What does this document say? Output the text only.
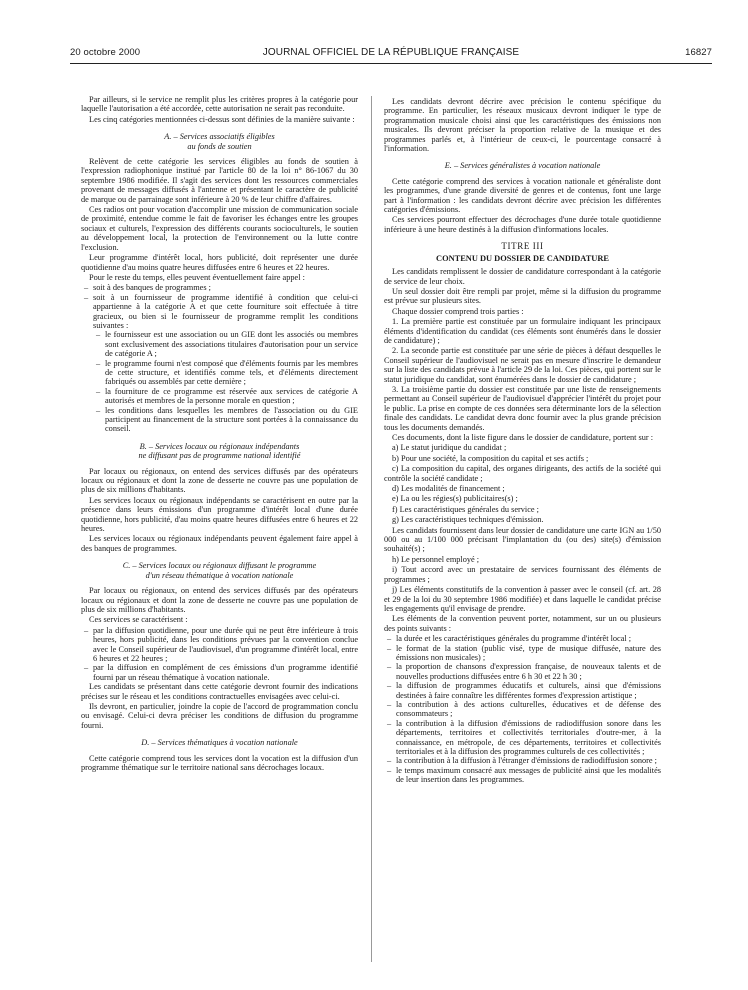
20 octobre 2000	JOURNAL OFFICIEL DE LA RÉPUBLIQUE FRANÇAISE	16827

Par ailleurs, si le service ne remplit plus les critères propres à la catégorie pour laquelle l'autorisation a été accordée, cette autorisation ne serait pas reconduite.

Les cinq catégories mentionnées ci-dessus sont définies de la manière suivante :

A. – Services associatifs éligibles
au fonds de soutien

Relèvent de cette catégorie les services éligibles au fonds de soutien à l'expression radiophonique institué par l'article 80 de la loi n° 86-1067 du 30 septembre 1986 modifiée. Il s'agit des services dont les ressources commerciales provenant de messages diffusés à l'antenne et présentant le caractère de publicité de marque ou de parrainage sont inférieure à 20 % de leur chiffre d'affaires.

Ces radios ont pour vocation d'accomplir une mission de communication sociale de proximité, entendue comme le fait de favoriser les échanges entre les groupes sociaux et culturels, l'expression des différents courants socioculturels, le soutien au développement local, la protection de l'environnement ou la lutte contre l'exclusion.

Leur programme d'intérêt local, hors publicité, doit représenter une durée quotidienne d'au moins quatre heures diffusées entre 6 heures et 22 heures.

Pour le reste du temps, elles peuvent éventuellement faire appel :

– soit à des banques de programmes ;
– soit à un fournisseur de programme identifié à condition que celui-ci appartienne à la catégorie A et que cette fourniture soit effectuée à titre gracieux, ou bien si le fournisseur de programme remplit les conditions suivantes :
– le fournisseur est une association ou un GIE dont les associés ou membres sont exclusivement des associations titulaires d'autorisation pour un service de catégorie A ;
– le programme fourni n'est composé que d'éléments fournis par les membres de cette structure, et identifiés comme tels, et d'éléments directement fabriqués ou assemblés par cette dernière ;
– la fourniture de ce programme est réservée aux services de catégorie A autorisés et membres de la personne morale en question ;
– les conditions dans lesquelles les membres de l'association ou du GIE participent au financement de la structure sont portées à la connaissance du conseil.
B. – Services locaux ou régionaux indépendants
ne diffusant pas de programme national identifié

Par locaux ou régionaux, on entend des services diffusés par des opérateurs locaux ou régionaux et dont la zone de desserte ne couvre pas une population de plus de six millions d'habitants.

Les services locaux ou régionaux indépendants se caractérisent en outre par la présence dans leurs émissions d'un programme d'intérêt local d'une durée quotidienne, hors publicité, d'au moins quatre heures diffusées entre 6 heures et 22 heures.

Les services locaux ou régionaux indépendants peuvent également faire appel à des banques de programmes.

C. – Services locaux ou régionaux diffusant le programme
d'un réseau thématique à vocation nationale

Par locaux ou régionaux, on entend des services diffusés par des opérateurs locaux ou régionaux et dont la zone de desserte ne couvre pas une population de plus de six millions d'habitants.

Ces services se caractérisent :

– par la diffusion quotidienne, pour une durée qui ne peut être inférieure à trois heures, hors publicité, dans les conditions prévues par la convention conclue avec le Conseil supérieur de l'audiovisuel, d'un programme d'intérêt local, entre 6 heures et 22 heures ;
– par la diffusion en complément de ces émissions d'un programme identifié fourni par un réseau thématique à vocation nationale.

Les candidats se présentant dans cette catégorie devront fournir des indications précises sur le réseau et les conditions contractuelles envisagées avec celui-ci.

Ils devront, en particulier, joindre la copie de l'accord de programmation conclu ou envisagé. Celui-ci devra préciser les conditions de diffusion du programme fourni.

D. – Services thématiques à vocation nationale

Cette catégorie comprend tous les services dont la vocation est la diffusion d'un programme thématique sur le territoire national sans décrochages locaux.

Les candidats devront décrire avec précision le contenu spécifique du programme. En particulier, les réseaux musicaux devront indiquer le type de programmation musicale choisi ainsi que les caractéristiques des émissions non musicales. Ils devront préciser la proportion relative de la musique et des programmes parlés et, à l'intérieur de ceux-ci, le pourcentage consacré à l'information.

E. – Services généralistes à vocation nationale

Cette catégorie comprend des services à vocation nationale et généraliste dont les programmes, d'une grande diversité de genres et de contenus, font une large part à l'information : les candidats devront décrire avec précision les différentes catégories d'émissions.

Ces services pourront effectuer des décrochages d'une durée totale quotidienne inférieure à une heure destinés à la diffusion d'informations locales.

TITRE III
CONTENU DU DOSSIER DE CANDIDATURE

Les candidats remplissent le dossier de candidature correspondant à la catégorie de service de leur choix.

Un seul dossier doit être rempli par projet, même si la diffusion du programme est prévue sur plusieurs sites.

Chaque dossier comprend trois parties :

1. La première partie est constituée par un formulaire indiquant les principaux éléments d'identification du candidat (ces éléments sont énumérés dans le dossier de candidature) ;

2. La seconde partie est constituée par une série de pièces à défaut desquelles le Conseil supérieur de l'audiovisuel ne serait pas en mesure d'inscrire le demandeur sur la liste des candidats prévue à l'article 29 de la loi. Ces pièces, qui portent sur le statut juridique du candidat, sont énumérées dans le dossier de candidature ;

3. La troisième partie du dossier est constituée par une liste de renseignements permettant au Conseil supérieur de l'audiovisuel d'apprécier l'intérêt du projet pour le public. La prise en compte de ces données sera déterminante lors de la sélection finale des candidats. Le candidat devra donc fournir avec la plus grande précision tous les documents demandés.

Ces documents, dont la liste figure dans le dossier de candidature, portent sur :

a) Le statut juridique du candidat ;

b) Pour une société, la composition du capital et ses actifs ;

c) La composition du capital, des organes dirigeants, des actifs de la société qui contrôle la société candidate ;

d) Les modalités de financement ;

e) La ou les régies(s) publicitaires(s) ;

f) Les caractéristiques générales du service ;

g) Les caractéristiques techniques d'émission.

Les candidats fournissent dans leur dossier de candidature une carte IGN au 1/50 000 ou au 1/100 000 précisant l'implantation du (ou des) site(s) d'émission souhaité(s) ;

h) Le personnel employé ;

i) Tout accord avec un prestataire de services fournissant des éléments de programmes ;

j) Les éléments constitutifs de la convention à passer avec le conseil (cf. art. 28 et 29 de la loi du 30 septembre 1986 modifiée) et dans laquelle le candidat précise les engagements qu'il envisage de prendre.

Les éléments de la convention peuvent porter, notamment, sur un ou plusieurs des points suivants :

– la durée et les caractéristiques générales du programme d'intérêt local ;
– le format de la station (public visé, type de musique diffusée, nature des émissions non musicales) ;
– la proportion de chansons d'expression française, de nouveaux talents et de nouvelles productions diffusées entre 6 h 30 et 22 h 30 ;
– la diffusion de programmes éducatifs et culturels, ainsi que d'émissions destinées à faire connaître les différentes formes d'expression artistique ;
– la contribution à des actions culturelles, éducatives et de défense des consommateurs ;
– la contribution à la diffusion d'émissions de radiodiffusion sonore dans les départements, territoires et collectivités territoriales d'outre-mer, à la connaissance, en métropole, de ces départements, territoires et collectivités territoriales et à la diffusion des programmes culturels de ces collectivités ;
– la contribution à la diffusion à l'étranger d'émissions de radiodiffusion sonore ;
– le temps maximum consacré aux messages de publicité ainsi que les modalités de leur insertion dans les programmes.
